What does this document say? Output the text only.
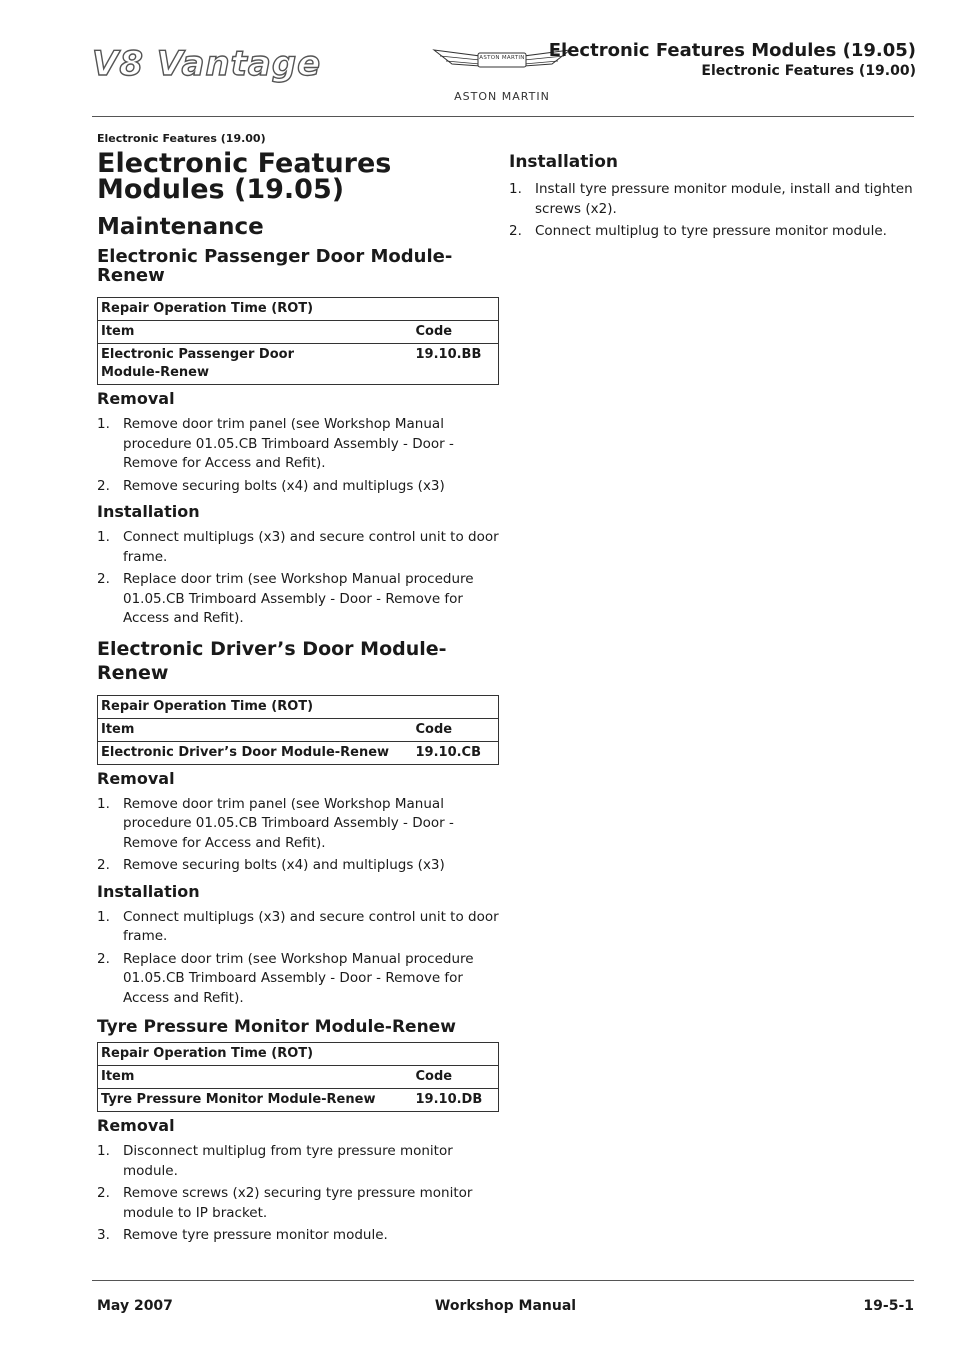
V8 Vantage	ASTON MARTIN
ASTON MARTIN
Electronic Features Modules (19.05)
Electronic Features (19.00)
Electronic Features (19.00)
Electronic Features Modules (19.05)
Maintenance
Electronic Passenger Door Module-Renew
Repair Operation Time (ROT)	
Item	Code
Electronic Passenger Door Module-Renew	19.10.BB
Removal
1. Remove door trim panel (see Workshop Manual procedure 01.05.CB Trimboard Assembly - Door - Remove for Access and Refit).
2. Remove securing bolts (x4) and multiplugs (x3)
Installation
1. Connect multiplugs (x3) and secure control unit to door frame.
2. Replace door trim (see Workshop Manual procedure 01.05.CB Trimboard Assembly - Door - Remove for Access and Refit).
Electronic Driver’s Door Module-Renew
Repair Operation Time (ROT)	
Item	Code
Electronic Driver’s Door Module-Renew	19.10.CB
Removal
1. Remove door trim panel (see Workshop Manual procedure 01.05.CB Trimboard Assembly - Door - Remove for Access and Refit).
2. Remove securing bolts (x4) and multiplugs (x3)
Installation
1. Connect multiplugs (x3) and secure control unit to door frame.
2. Replace door trim (see Workshop Manual procedure 01.05.CB Trimboard Assembly - Door - Remove for Access and Refit).
Tyre Pressure Monitor Module-Renew
Repair Operation Time (ROT)	
Item	Code
Tyre Pressure Monitor Module-Renew	19.10.DB
Removal
1. Disconnect multiplug from tyre pressure monitor module.
2. Remove screws (x2) securing tyre pressure monitor module to IP bracket.
3. Remove tyre pressure monitor module.
Installation
1. Install tyre pressure monitor module, install and tighten screws (x2).
2. Connect multiplug to tyre pressure monitor module.
May 2007	Workshop Manual	19-5-1
